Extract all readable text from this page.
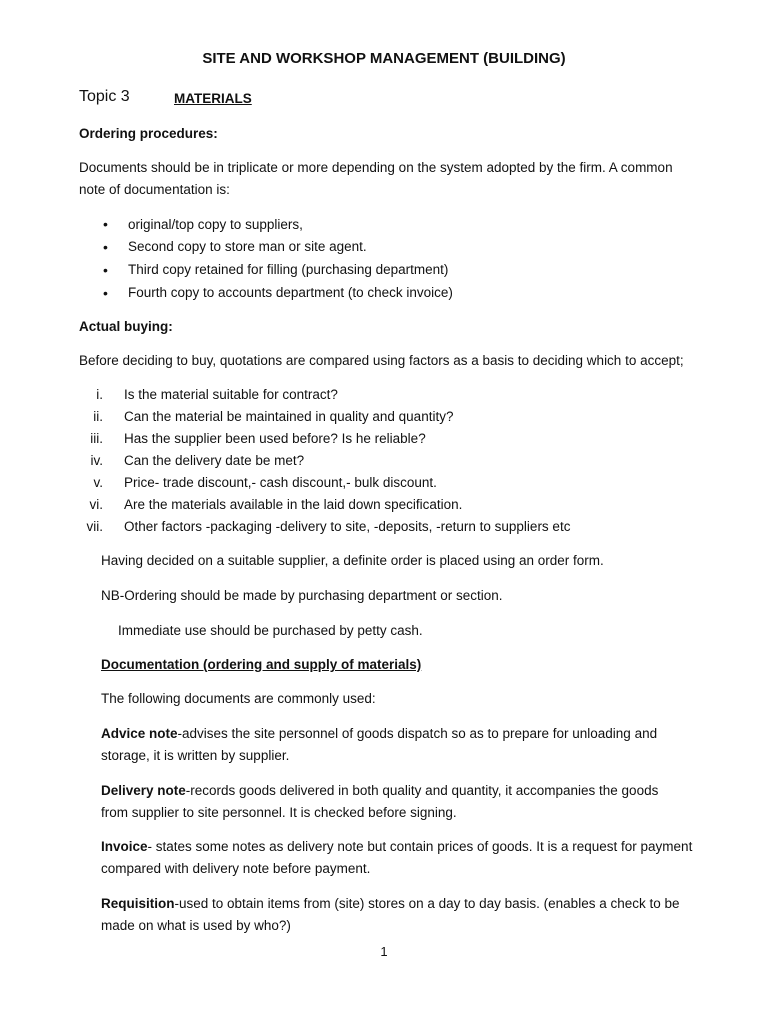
SITE AND WORKSHOP MANAGEMENT (BUILDING)
Topic 3	MATERIALS
Ordering procedures:
Documents should be in triplicate or more depending on the system adopted by the firm. A common
note of documentation is:
• original/top copy to suppliers,
• Second copy to store man or site agent.
• Third copy retained for filling (purchasing department)
• Fourth copy to accounts department (to check invoice)
Actual buying:
Before deciding to buy, quotations are compared using factors as a basis to deciding which to accept;
i. Is the material suitable for contract?
ii. Can the material be maintained in quality and quantity?
iii. Has the supplier been used before? Is he reliable?
iv. Can the delivery date be met?
v. Price- trade discount,- cash discount,- bulk discount.
vi. Are the materials available in the laid down specification.
vii. Other factors -packaging -delivery to site, -deposits, -return to suppliers etc
Having decided on a suitable supplier, a definite order is placed using an order form.
NB-Ordering should be made by purchasing department or section.
Immediate use should be purchased by petty cash.
Documentation (ordering and supply of materials)
The following documents are commonly used:
Advice note-advises the site personnel of goods dispatch so as to prepare for unloading and
storage, it is written by supplier.
Delivery note-records goods delivered in both quality and quantity, it accompanies the goods
from supplier to site personnel. It is checked before signing.
Invoice- states some notes as delivery note but contain prices of goods. It is a request for payment
compared with delivery note before payment.
Requisition-used to obtain items from (site) stores on a day to day basis. (enables a check to be
made on what is used by who?)
1
